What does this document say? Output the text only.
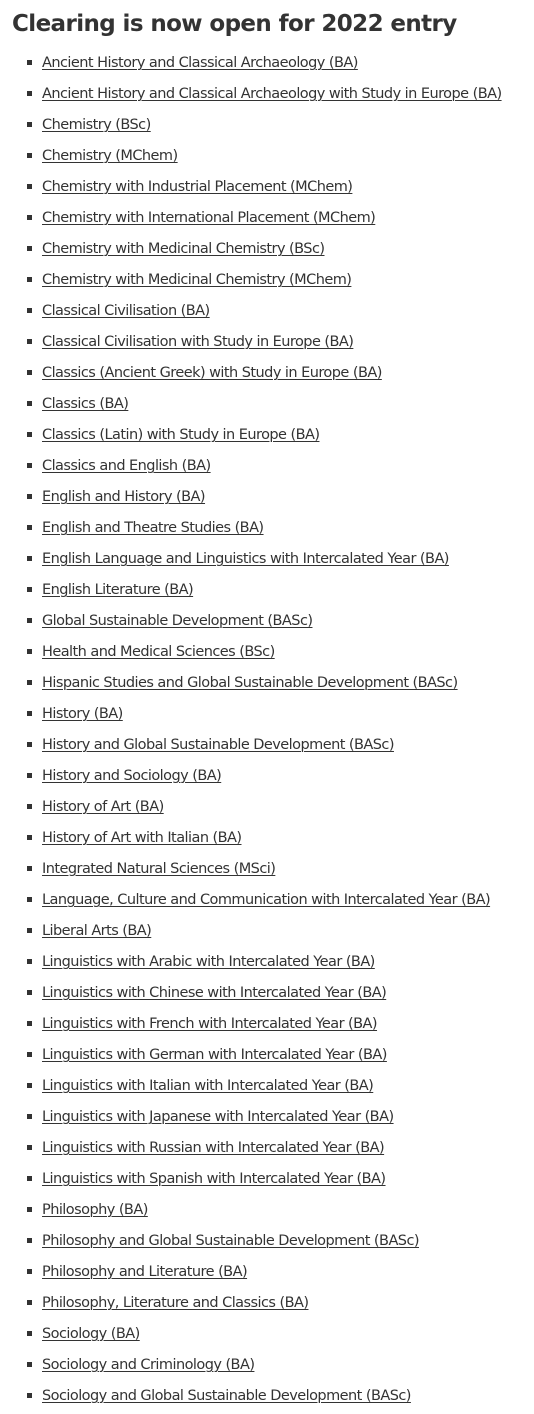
Clearing is now open for 2022 entry
Ancient History and Classical Archaeology (BA)
Ancient History and Classical Archaeology with Study in Europe (BA)
Chemistry (BSc)
Chemistry (MChem)
Chemistry with Industrial Placement (MChem)
Chemistry with International Placement (MChem)
Chemistry with Medicinal Chemistry (BSc)
Chemistry with Medicinal Chemistry (MChem)
Classical Civilisation (BA)
Classical Civilisation with Study in Europe (BA)
Classics (Ancient Greek) with Study in Europe (BA)
Classics (BA)
Classics (Latin) with Study in Europe (BA)
Classics and English (BA)
English and History (BA)
English and Theatre Studies (BA)
English Language and Linguistics with Intercalated Year (BA)
English Literature (BA)
Global Sustainable Development (BASc)
Health and Medical Sciences (BSc)
Hispanic Studies and Global Sustainable Development (BASc)
History (BA)
History and Global Sustainable Development (BASc)
History and Sociology (BA)
History of Art (BA)
History of Art with Italian (BA)
Integrated Natural Sciences (MSci)
Language, Culture and Communication with Intercalated Year (BA)
Liberal Arts (BA)
Linguistics with Arabic with Intercalated Year (BA)
Linguistics with Chinese with Intercalated Year (BA)
Linguistics with French with Intercalated Year (BA)
Linguistics with German with Intercalated Year (BA)
Linguistics with Italian with Intercalated Year (BA)
Linguistics with Japanese with Intercalated Year (BA)
Linguistics with Russian with Intercalated Year (BA)
Linguistics with Spanish with Intercalated Year (BA)
Philosophy (BA)
Philosophy and Global Sustainable Development (BASc)
Philosophy and Literature (BA)
Philosophy, Literature and Classics (BA)
Sociology (BA)
Sociology and Criminology (BA)
Sociology and Global Sustainable Development (BASc)
